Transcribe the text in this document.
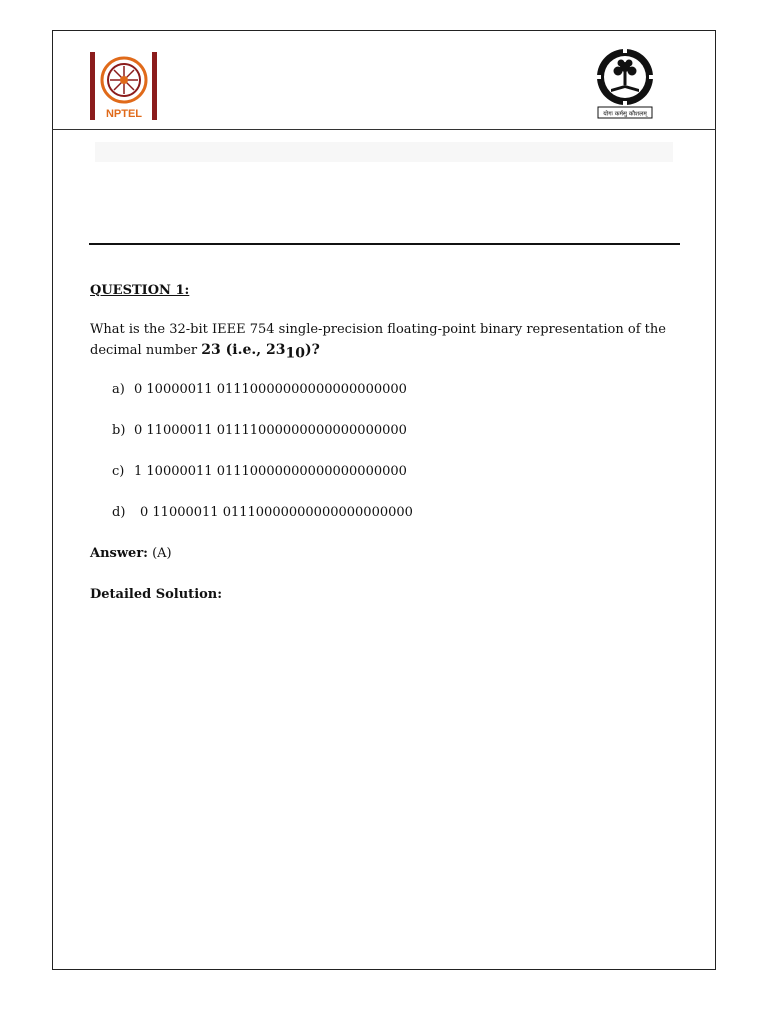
NPTEL	योगः कर्मसु कौशलम्

QUESTION 1:

What is the 32-bit IEEE 754 single-precision floating-point binary representation of the decimal number 23 (i.e., $23_{10}$)?

a) 0 10000011 01110000000000000000000
b) 0 11000011 01111000000000000000000
c) 1 10000011 01110000000000000000000
d) 0 11000011 01110000000000000000000

Answer: (A)

Detailed Solution:
